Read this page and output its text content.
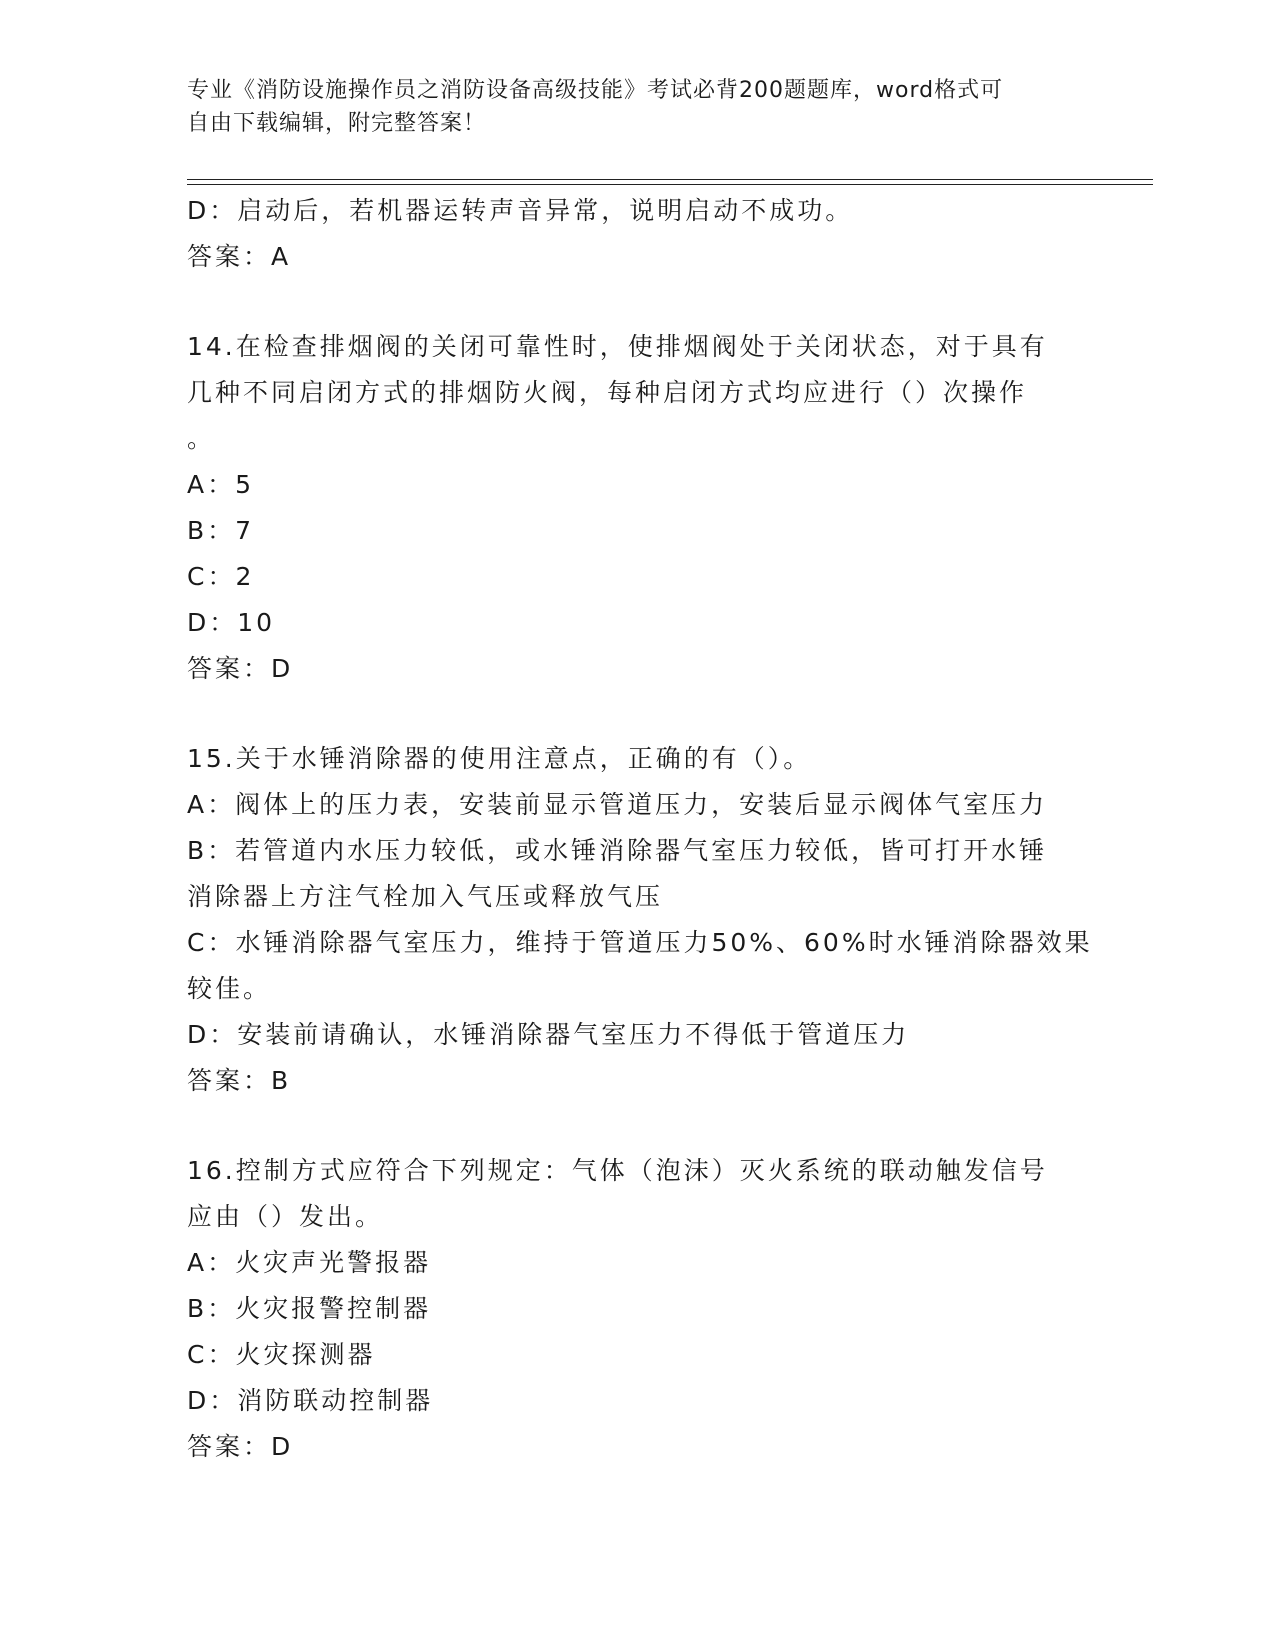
专业《消防设施操作员之消防设备高级技能》考试必背200题题库，word格式可
自由下载编辑，附完整答案！
D：启动后，若机器运转声音异常，说明启动不成功。
答案：A
14.在检查排烟阀的关闭可靠性时，使排烟阀处于关闭状态，对于具有
几种不同启闭方式的排烟防火阀，每种启闭方式均应进行（）次操作
。
A：5
B：7
C：2
D：10
答案：D
15.关于水锤消除器的使用注意点，正确的有（）。
A：阀体上的压力表，安装前显示管道压力，安装后显示阀体气室压力
B：若管道内水压力较低，或水锤消除器气室压力较低，皆可打开水锤
消除器上方注气栓加入气压或释放气压
C：水锤消除器气室压力，维持于管道压力50%、60%时水锤消除器效果
较佳。
D：安装前请确认，水锤消除器气室压力不得低于管道压力
答案：B
16.控制方式应符合下列规定：气体（泡沫）灭火系统的联动触发信号
应由（）发出。
A：火灾声光警报器
B：火灾报警控制器
C：火灾探测器
D：消防联动控制器
答案：D
